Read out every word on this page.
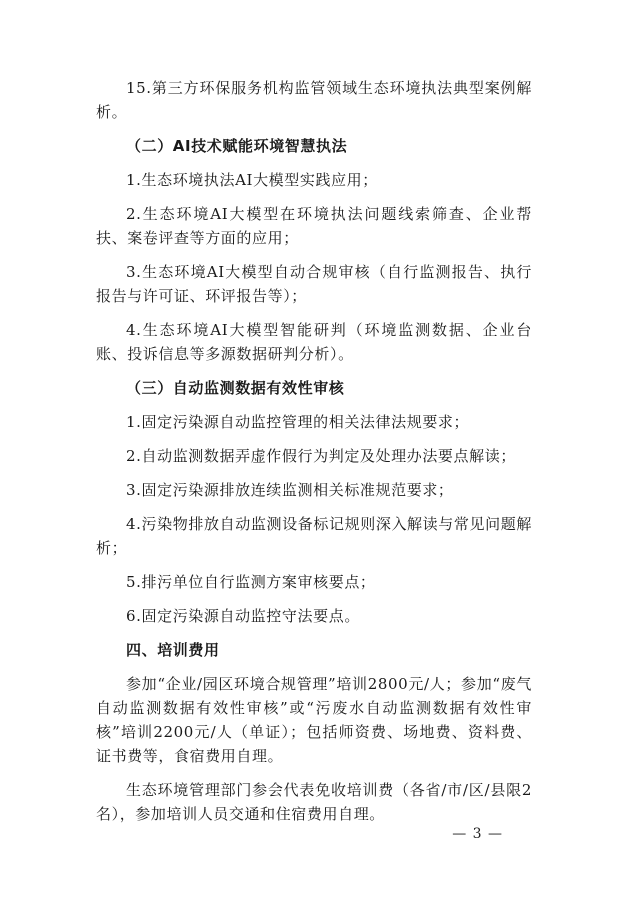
15.第三方环保服务机构监管领域生态环境执法典型案例解析。

（二）AI技术赋能环境智慧执法

1.生态环境执法AI大模型实践应用；

2.生态环境AI大模型在环境执法问题线索筛查、企业帮扶、案卷评查等方面的应用；

3.生态环境AI大模型自动合规审核（自行监测报告、执行报告与许可证、环评报告等）；

4.生态环境AI大模型智能研判（环境监测数据、企业台账、投诉信息等多源数据研判分析）。

（三）自动监测数据有效性审核

1.固定污染源自动监控管理的相关法律法规要求；

2.自动监测数据弄虚作假行为判定及处理办法要点解读；

3.固定污染源排放连续监测相关标准规范要求；

4.污染物排放自动监测设备标记规则深入解读与常见问题解析；

5.排污单位自行监测方案审核要点；

6.固定污染源自动监控守法要点。

四、培训费用

参加“企业/园区环境合规管理”培训2800元/人；参加“废气自动监测数据有效性审核”或“污废水自动监测数据有效性审核”培训2200元/人（单证）；包括师资费、场地费、资料费、证书费等，食宿费用自理。

生态环境管理部门参会代表免收培训费（各省/市/区/县限2名），参加培训人员交通和住宿费用自理。

— 3 —
